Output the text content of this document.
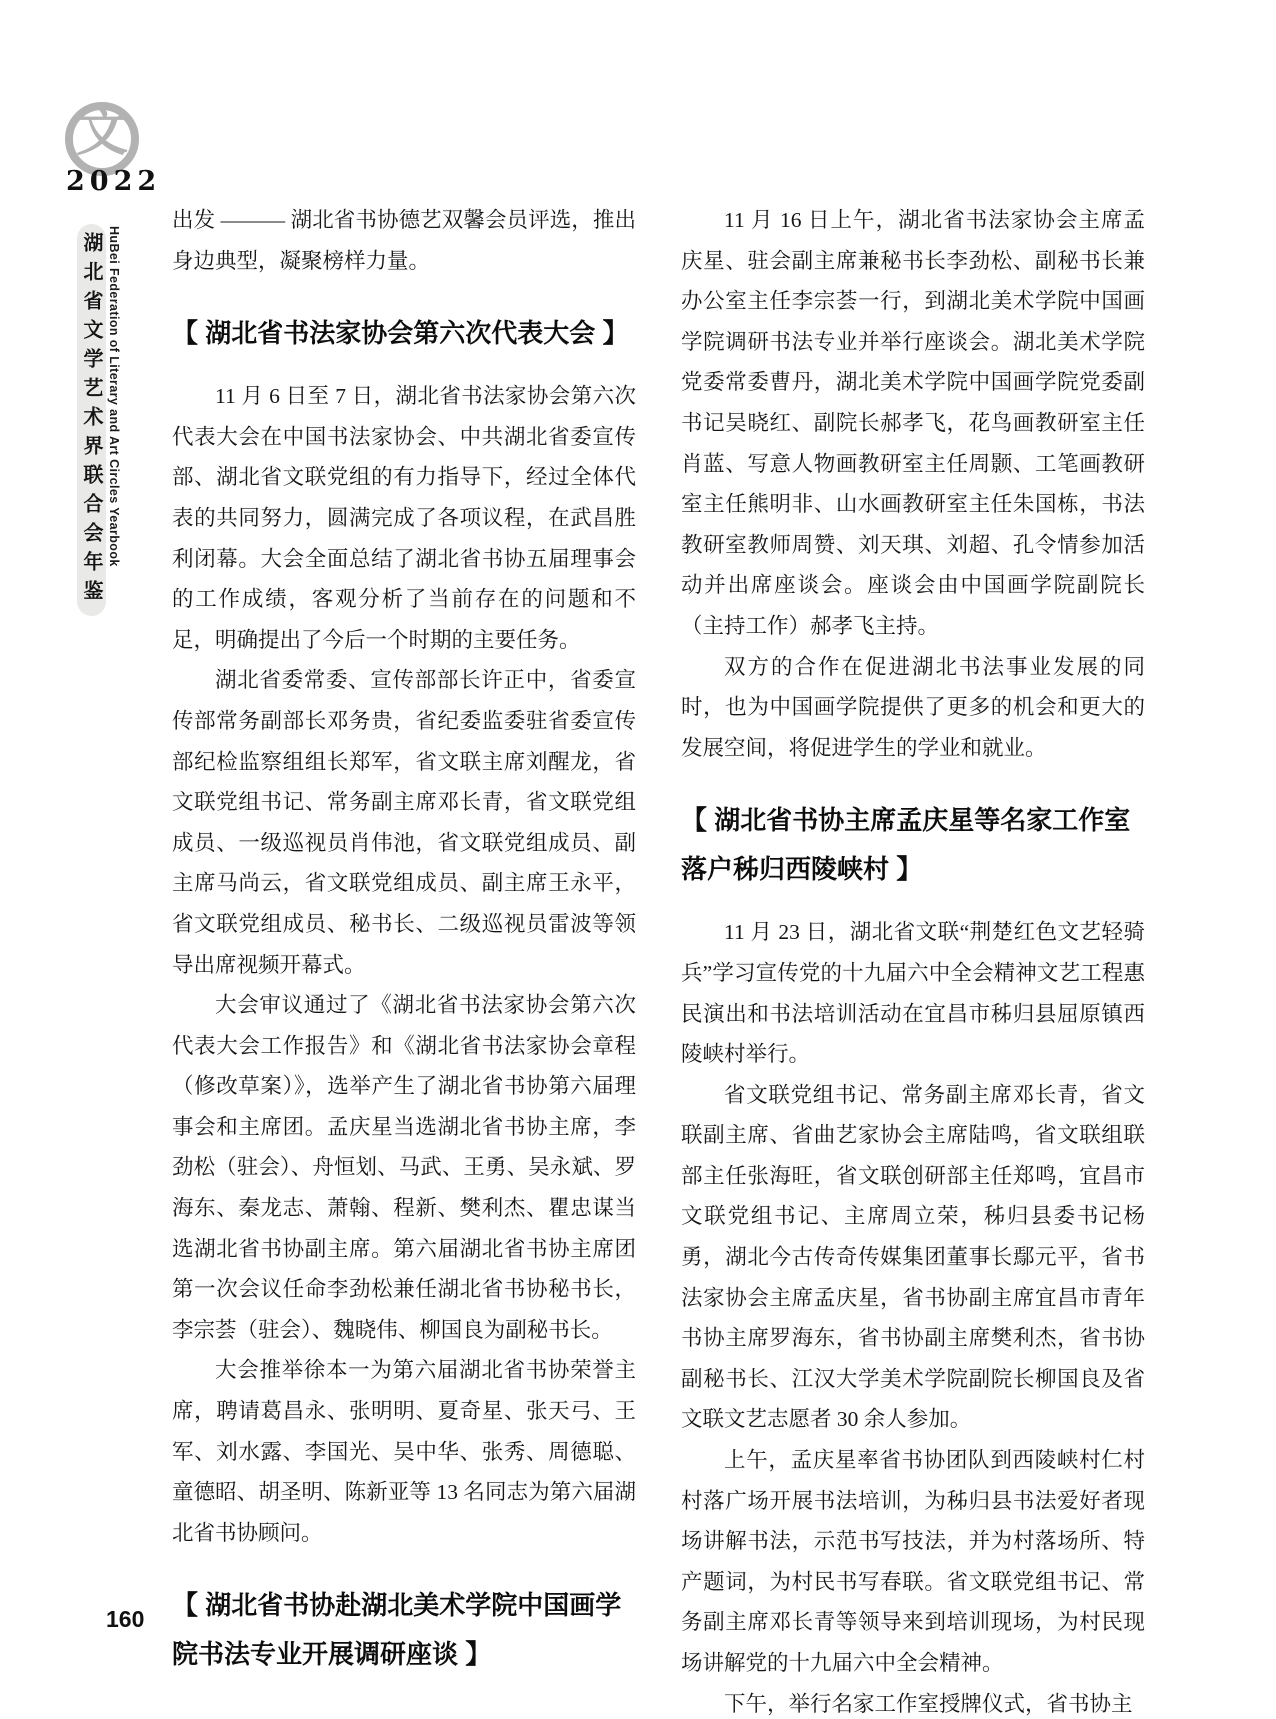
文
2022
湖北省文学艺术界联合会年鉴 HuBei Federation of Literary and Art Circles Yearbook
160

出发 ——— 湖北省书协德艺双馨会员评选，推出身边典型，凝聚榜样力量。

【 湖北省书法家协会第六次代表大会 】

11 月 6 日至 7 日，湖北省书法家协会第六次代表大会在中国书法家协会、中共湖北省委宣传部、湖北省文联党组的有力指导下，经过全体代表的共同努力，圆满完成了各项议程，在武昌胜利闭幕。大会全面总结了湖北省书协五届理事会的工作成绩，客观分析了当前存在的问题和不足，明确提出了今后一个时期的主要任务。

湖北省委常委、宣传部部长许正中，省委宣传部常务副部长邓务贵，省纪委监委驻省委宣传部纪检监察组组长郑军，省文联主席刘醒龙，省文联党组书记、常务副主席邓长青，省文联党组成员、一级巡视员肖伟池，省文联党组成员、副主席马尚云，省文联党组成员、副主席王永平，省文联党组成员、秘书长、二级巡视员雷波等领导出席视频开幕式。

大会审议通过了《湖北省书法家协会第六次代表大会工作报告》和《湖北省书法家协会章程（修改草案）》，选举产生了湖北省书协第六届理事会和主席团。孟庆星当选湖北省书协主席，李劲松（驻会）、舟恒划、马武、王勇、吴永斌、罗海东、秦龙志、萧翰、程新、樊利杰、瞿忠谋当选湖北省书协副主席。第六届湖北省书协主席团第一次会议任命李劲松兼任湖北省书协秘书长，李宗荟（驻会）、魏晓伟、柳国良为副秘书长。

大会推举徐本一为第六届湖北省书协荣誉主席，聘请葛昌永、张明明、夏奇星、张天弓、王军、刘水露、李国光、吴中华、张秀、周德聪、童德昭、胡圣明、陈新亚等 13 名同志为第六届湖北省书协顾问。

【 湖北省书协赴湖北美术学院中国画学院书法专业开展调研座谈 】

11 月 16 日上午，湖北省书法家协会主席孟庆星、驻会副主席兼秘书长李劲松、副秘书长兼办公室主任李宗荟一行，到湖北美术学院中国画学院调研书法专业并举行座谈会。湖北美术学院党委常委曹丹，湖北美术学院中国画学院党委副书记吴晓红、副院长郝孝飞，花鸟画教研室主任肖蓝、写意人物画教研室主任周颢、工笔画教研室主任熊明非、山水画教研室主任朱国栋，书法教研室教师周赞、刘天琪、刘超、孔令情参加活动并出席座谈会。座谈会由中国画学院副院长（主持工作）郝孝飞主持。

双方的合作在促进湖北书法事业发展的同时，也为中国画学院提供了更多的机会和更大的发展空间，将促进学生的学业和就业。

【 湖北省书协主席孟庆星等名家工作室落户秭归西陵峡村 】

11 月 23 日，湖北省文联“荆楚红色文艺轻骑兵”学习宣传党的十九届六中全会精神文艺工程惠民演出和书法培训活动在宜昌市秭归县屈原镇西陵峡村举行。

省文联党组书记、常务副主席邓长青，省文联副主席、省曲艺家协会主席陆鸣，省文联组联部主任张海旺，省文联创研部主任郑鸣，宜昌市文联党组书记、主席周立荣，秭归县委书记杨勇，湖北今古传奇传媒集团董事长鄢元平，省书法家协会主席孟庆星，省书协副主席宜昌市青年书协主席罗海东，省书协副主席樊利杰，省书协副秘书长、江汉大学美术学院副院长柳国良及省文联文艺志愿者 30 余人参加。

上午，孟庆星率省书协团队到西陵峡村仁村村落广场开展书法培训，为秭归县书法爱好者现场讲解书法，示范书写技法，并为村落场所、特产题词，为村民书写春联。省文联党组书记、常务副主席邓长青等领导来到培训现场，为村民现场讲解党的十九届六中全会精神。

下午，举行名家工作室授牌仪式，省书协主
